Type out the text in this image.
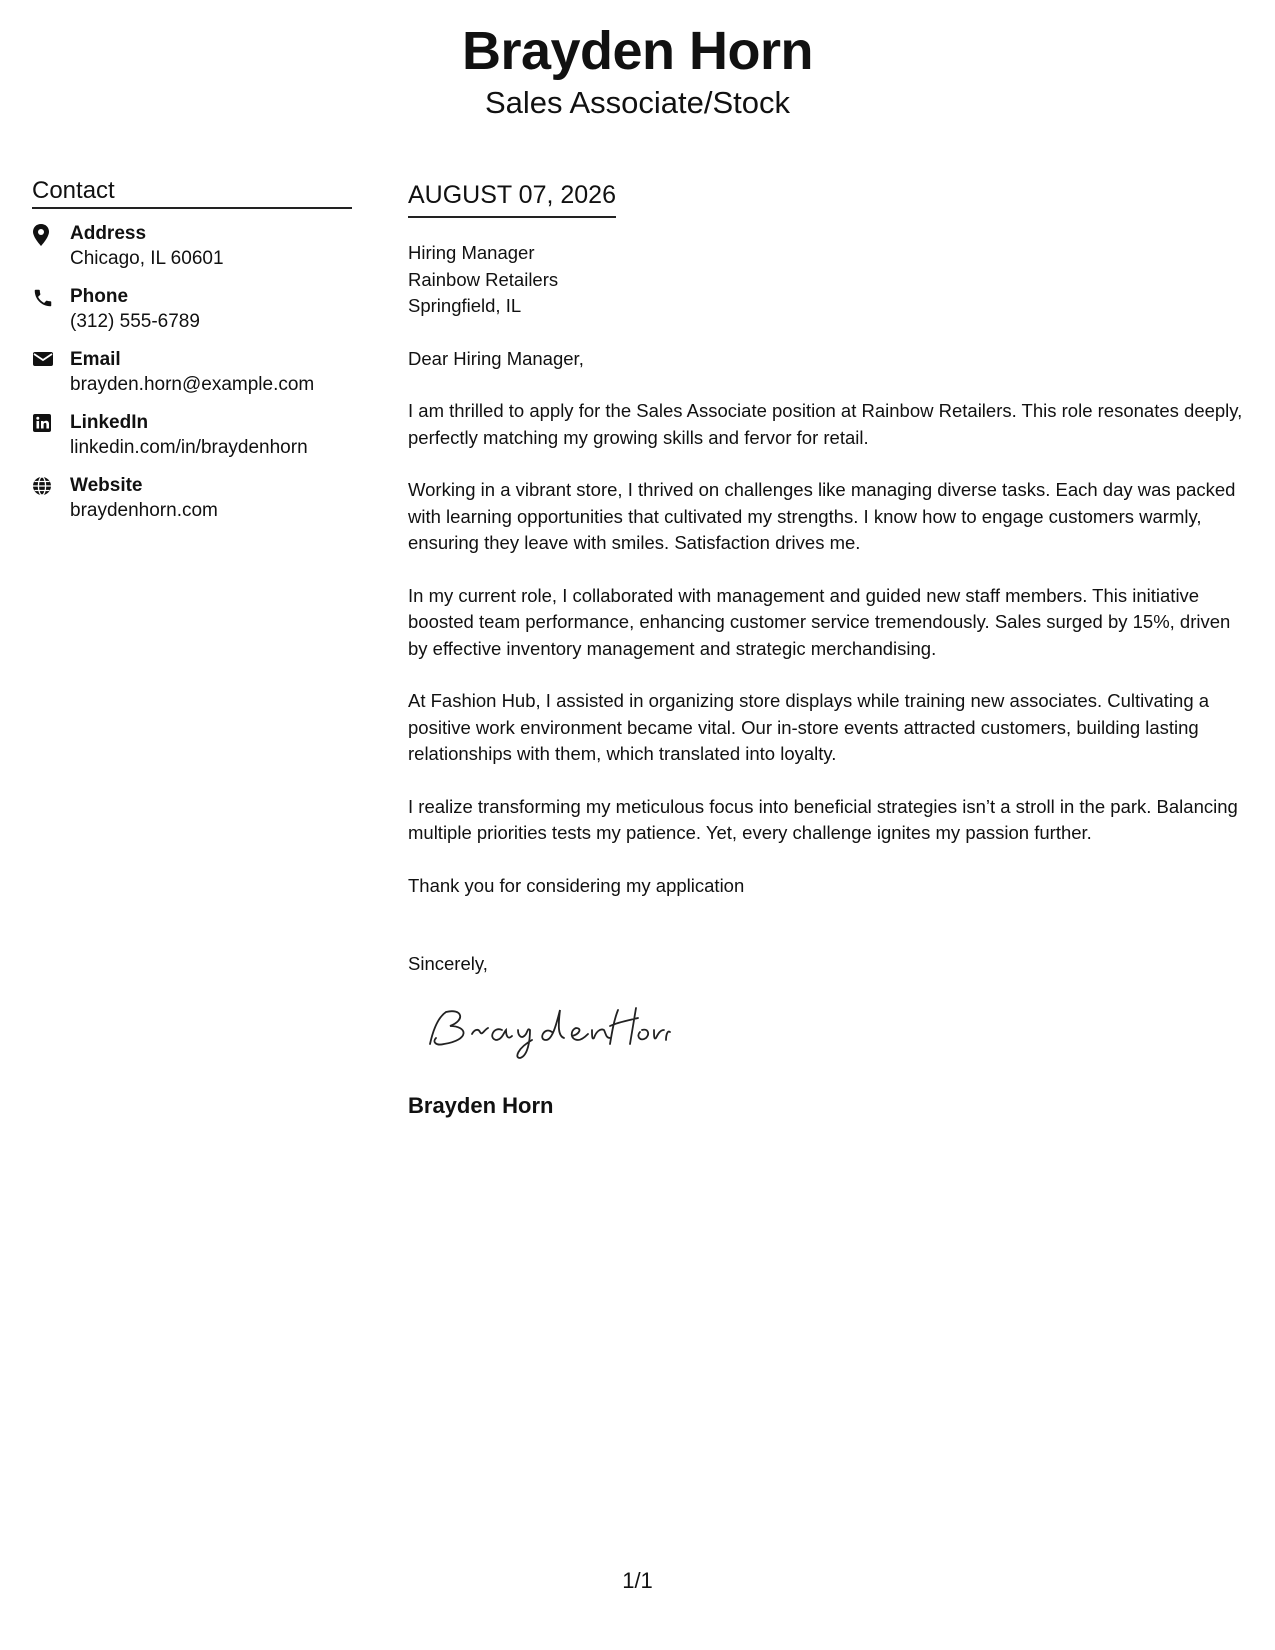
Brayden Horn
Sales Associate/Stock
Contact
Address
Chicago, IL 60601
Phone
(312) 555-6789
Email
brayden.horn@example.com
LinkedIn
linkedin.com/in/braydenhorn
Website
braydenhorn.com
AUGUST 07, 2026
Hiring Manager
Rainbow Retailers
Springfield, IL

Dear Hiring Manager,

I am thrilled to apply for the Sales Associate position at Rainbow Retailers. This role resonates deeply, perfectly matching my growing skills and fervor for retail.

Working in a vibrant store, I thrived on challenges like managing diverse tasks. Each day was packed with learning opportunities that cultivated my strengths. I know how to engage customers warmly, ensuring they leave with smiles. Satisfaction drives me.

In my current role, I collaborated with management and guided new staff members. This initiative boosted team performance, enhancing customer service tremendously. Sales surged by 15%, driven by effective inventory management and strategic merchandising.

At Fashion Hub, I assisted in organizing store displays while training new associates. Cultivating a positive work environment became vital. Our in-store events attracted customers, building lasting relationships with them, which translated into loyalty.

I realize transforming my meticulous focus into beneficial strategies isn’t a stroll in the park. Balancing multiple priorities tests my patience. Yet, every challenge ignites my passion further.

Thank you for considering my application

Sincerely,
Brayden Horn
1/1
